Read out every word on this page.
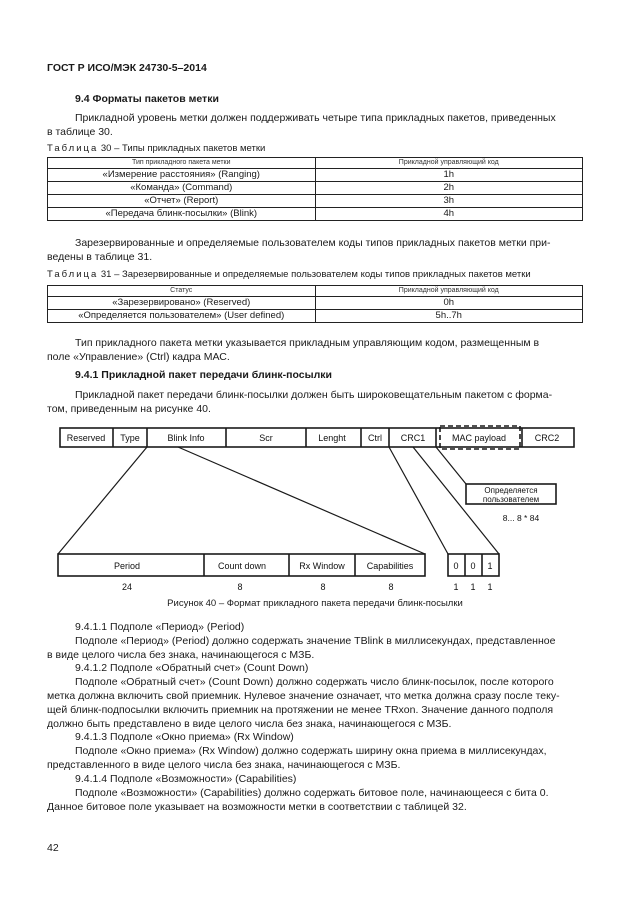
ГОСТ Р ИСО/МЭК 24730-5–2014
9.4 Форматы пакетов метки
Прикладной уровень метки должен поддерживать четыре типа прикладных пакетов, приведенных
в таблице 30.
Таблица 30 – Типы прикладных пакетов метки
Тип прикладного пакета метки	Прикладной управляющий код
«Измерение расстояния» (Ranging)	1h
«Команда» (Command)	2h
«Отчет» (Report)	3h
«Передача блинк-посылки» (Blink)	4h
Зарезервированные и определяемые пользователем коды типов прикладных пакетов метки при-
ведены в таблице 31.
Таблица 31 – Зарезервированные и определяемые пользователем коды типов прикладных пакетов метки
Статус	Прикладной управляющий код
«Зарезервировано» (Reserved)	0h
«Определяется пользователем» (User defined)	5h..7h
Тип прикладного пакета метки указывается прикладным управляющим кодом, размещенным в
поле «Управление» (Ctrl) кадра МАС.
9.4.1 Прикладной пакет передачи блинк-посылки
Прикладной пакет передачи блинк-посылки должен быть широковещательным пакетом с форма-
том, приведенным на рисунке 40.
Reserved Type	Blink Info	Scr	Lenght Ctrl CRC1	MAC payload	CRC2
Определяется
пользователем
8... 8 * 84
Period	Count down	Rx Window Capabilities	0 0 1
24	8	8	8	1 1 1
Рисунок 40 – Формат прикладного пакета передачи блинк-посылки
9.4.1.1 Подполе «Период» (Period)
Подполе «Период» (Period) должно содержать значение TBlink в миллисекундах, представленное
в виде целого числа без знака, начинающегося с МЗБ.
9.4.1.2 Подполе «Обратный счет» (Count Down)
Подполе «Обратный счет» (Count Down) должно содержать число блинк-посылок, после которого
метка должна включить свой приемник. Нулевое значение означает, что метка должна сразу после теку-
щей блинк-подпосылки включить приемник на протяжении не менее TRxon. Значение данного подполя
должно быть представлено в виде целого числа без знака, начинающегося с МЗБ.
9.4.1.3 Подполе «Окно приема» (Rx Window)
Подполе «Окно приема» (Rx Window) должно содержать ширину окна приема в миллисекундах,
представленного в виде целого числа без знака, начинающегося с МЗБ.
9.4.1.4 Подполе «Возможности» (Capabilities)
Подполе «Возможности» (Capabilities) должно содержать битовое поле, начинающееся с бита 0.
Данное битовое поле указывает на возможности метки в соответствии с таблицей 32.
42
